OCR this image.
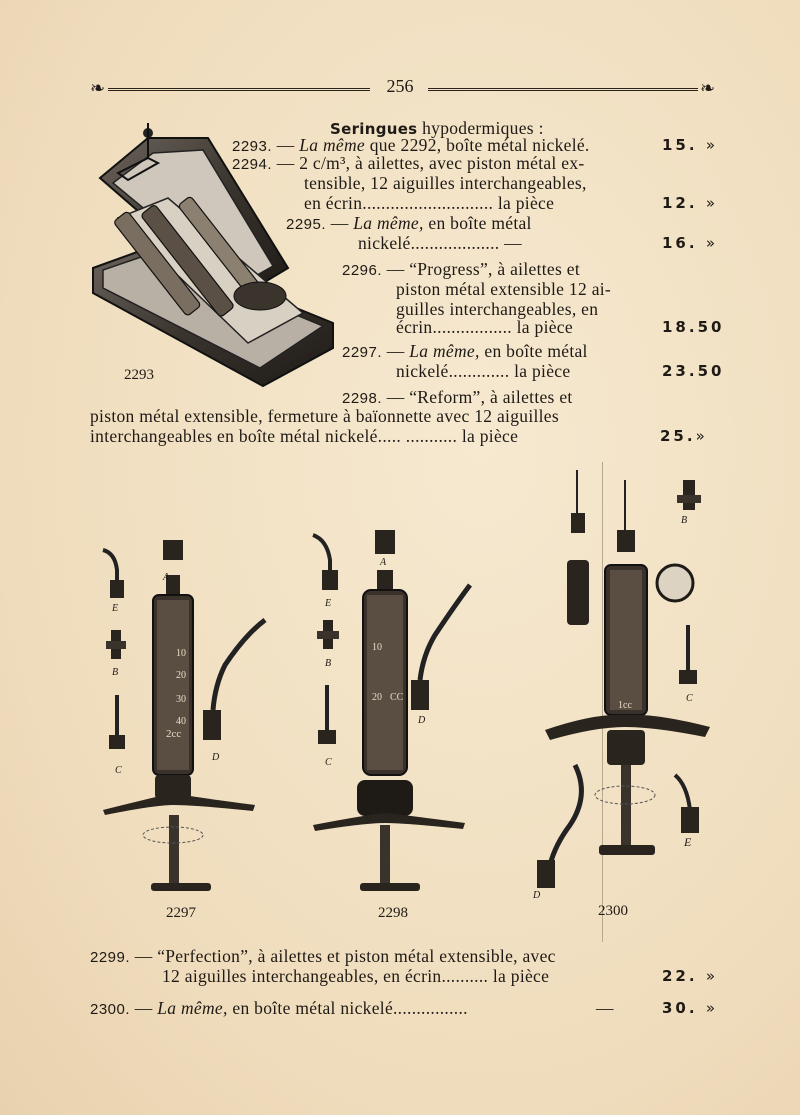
❧	256	❧
2293
Seringues hypodermiques :
2293. — La même que 2292, boîte métal nickelé.	15. »
2294. — 2 c/m³, à ailettes, avec piston métal ex-
tensible, 12 aiguilles interchangeables,
en écrin............................ la pièce	12. »
2295. — La même, en boîte métal
nickelé................... —	16. »
2296. — “Progress”, à ailettes et
piston métal extensible 12 ai-
guilles interchangeables, en
écrin................. la pièce	18.50
2297. — La même, en boîte métal
nickelé............. la pièce	23.50
2298. — “Reform”, à ailettes et
piston métal extensible, fermeture à baïonnette avec 12 aiguilles
interchangeables en boîte métal nickelé..... ........... la pièce	25.»
A
E
B
C
D
10
20
30
40
2cc
2297
A
E
B
C
D
10
20 CC
2298
B
C
D
E
1cc
2300
2299. — “Perfection”, à ailettes et piston métal extensible, avec
12 aiguilles interchangeables, en écrin.......... la pièce	22. »
2300. — La même, en boîte métal nickelé................	—	30. »
